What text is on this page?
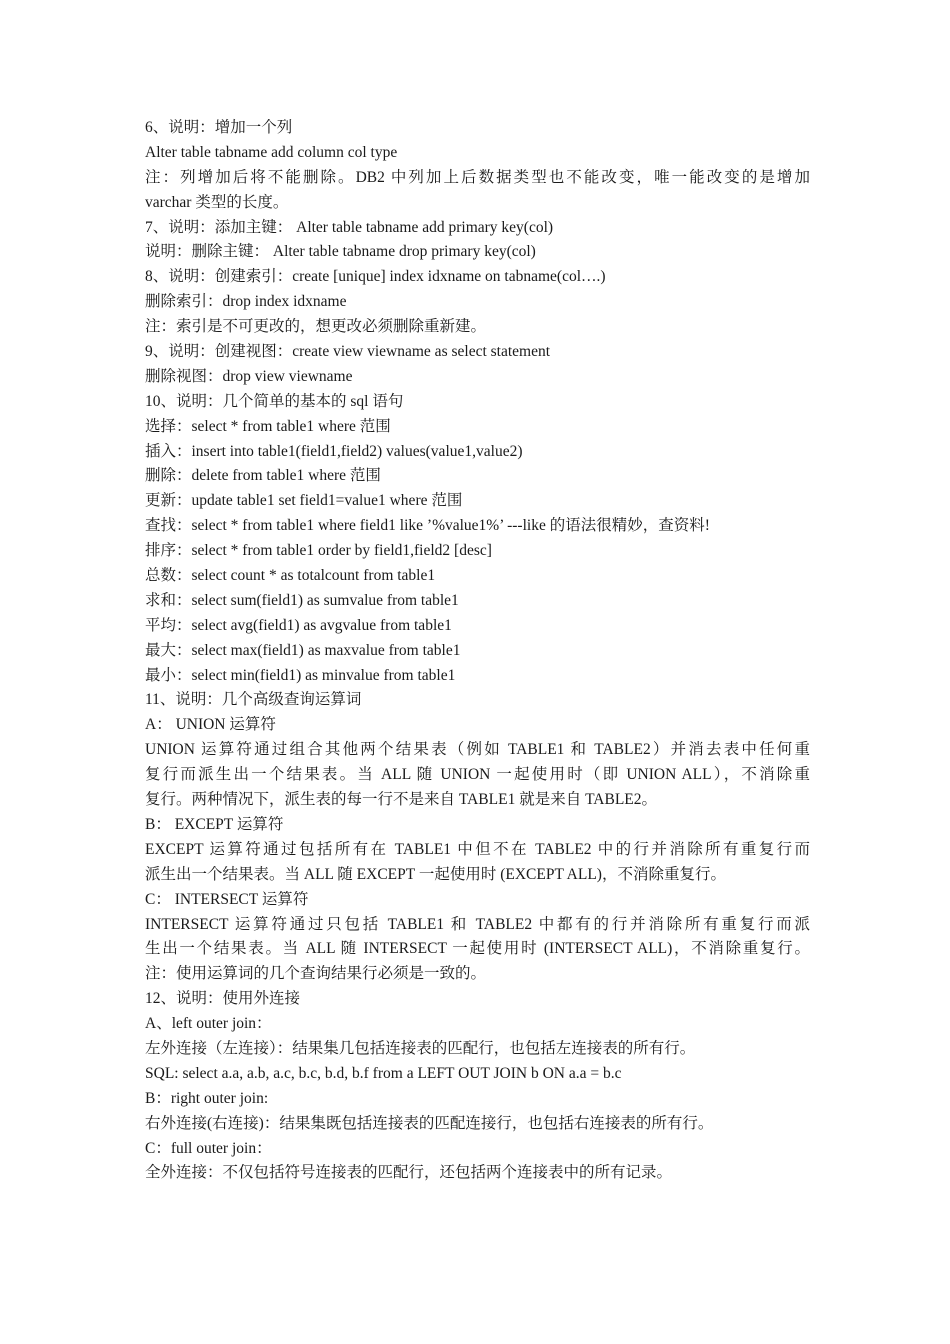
6、说明：增加一个列
Alter table tabname add column col type
注：列增加后将不能删除。DB2 中列加上后数据类型也不能改变，唯一能改变的是增加
varchar 类型的长度。
7、说明：添加主键： Alter table tabname add primary key(col)
说明：删除主键： Alter table tabname drop primary key(col)
8、说明：创建索引：create [unique] index idxname on tabname(col….)
删除索引：drop index idxname
注：索引是不可更改的，想更改必须删除重新建。
9、说明：创建视图：create view viewname as select statement
删除视图：drop view viewname
10、说明：几个简单的基本的 sql 语句
选择：select * from table1 where 范围
插入：insert into table1(field1,field2) values(value1,value2)
删除：delete from table1 where 范围
更新：update table1 set field1=value1 where 范围
查找：select * from table1 where field1 like ’%value1%’ ---like 的语法很精妙，查资料!
排序：select * from table1 order by field1,field2 [desc]
总数：select count * as totalcount from table1
求和：select sum(field1) as sumvalue from table1
平均：select avg(field1) as avgvalue from table1
最大：select max(field1) as maxvalue from table1
最小：select min(field1) as minvalue from table1
11、说明：几个高级查询运算词
A： UNION 运算符
UNION 运算符通过组合其他两个结果表（例如 TABLE1 和 TABLE2）并消去表中任何重
复行而派生出一个结果表。当 ALL 随 UNION 一起使用时（即 UNION ALL），不消除重
复行。两种情况下，派生表的每一行不是来自 TABLE1 就是来自 TABLE2。
B： EXCEPT 运算符
EXCEPT 运算符通过包括所有在 TABLE1 中但不在 TABLE2 中的行并消除所有重复行而
派生出一个结果表。当 ALL 随 EXCEPT 一起使用时 (EXCEPT ALL)，不消除重复行。
C： INTERSECT 运算符
INTERSECT 运算符通过只包括 TABLE1 和 TABLE2 中都有的行并消除所有重复行而派
生出一个结果表。当 ALL 随 INTERSECT 一起使用时 (INTERSECT ALL)，不消除重复行。
注：使用运算词的几个查询结果行必须是一致的。
12、说明：使用外连接
A、left outer join：
左外连接（左连接）：结果集几包括连接表的匹配行，也包括左连接表的所有行。
SQL: select a.a, a.b, a.c, b.c, b.d, b.f from a LEFT OUT JOIN b ON a.a = b.c
B：right outer join:
右外连接(右连接)：结果集既包括连接表的匹配连接行，也包括右连接表的所有行。
C：full outer join：
全外连接：不仅包括符号连接表的匹配行，还包括两个连接表中的所有记录。
